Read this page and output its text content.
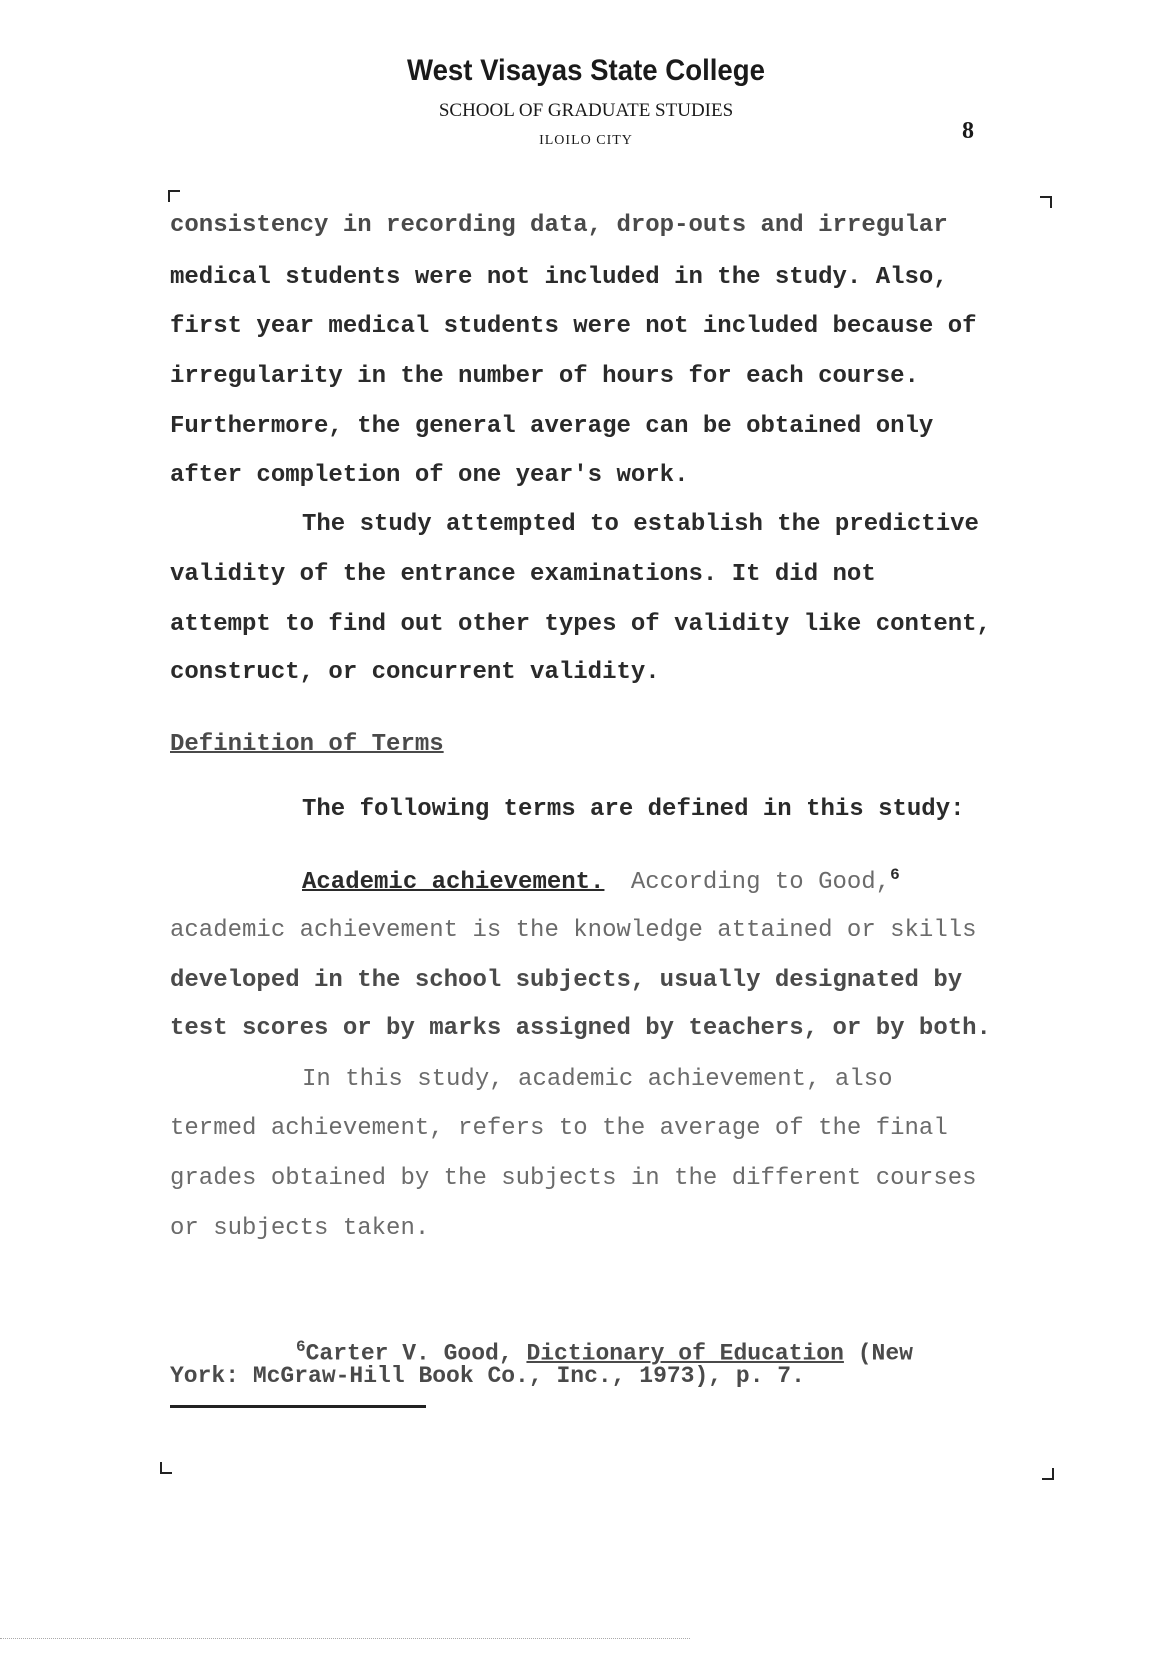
West Visayas State College
SCHOOL OF GRADUATE STUDIES
ILOILO CITY	8
consistency in recording data, drop-outs and irregular
medical students were not included in the study. Also,
first year medical students were not included because of
irregularity in the number of hours for each course.
Furthermore, the general average can be obtained only
after completion of one year's work.
The study attempted to establish the predictive
validity of the entrance examinations. It did not
attempt to find out other types of validity like content,
construct, or concurrent validity.
Definition of Terms
The following terms are defined in this study:
Academic achievement. According to Good,$^6$
academic achievement is the knowledge attained or skills
developed in the school subjects, usually designated by
test scores or by marks assigned by teachers, or by both.
In this study, academic achievement, also
termed achievement, refers to the average of the final
grades obtained by the subjects in the different courses
or subjects taken.
$^6$Carter V. Good, Dictionary of Education (New
York: McGraw-Hill Book Co., Inc., 1973), p. 7.
